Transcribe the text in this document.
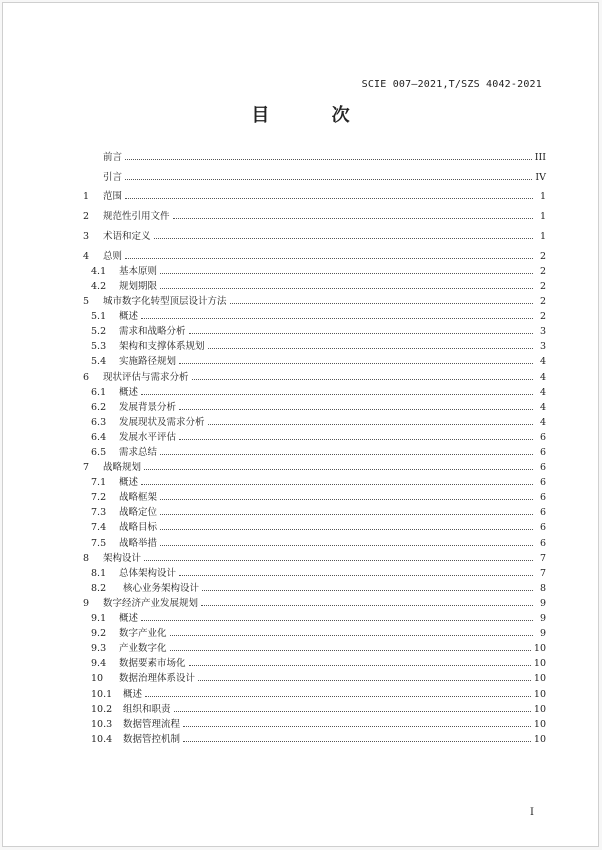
SCIE 007—2021,T/SZS 4042-2021
目 次
前言	III
引言	IV
1	范围	1
2	规范性引用文件	1
3	术语和定义	1
4	总则	2
4.1	基本原则	2
4.2	规划期限	2
5	城市数字化转型顶层设计方法	2
5.1	概述	2
5.2	需求和战略分析	3
5.3	架构和支撑体系规划	3
5.4	实施路径规划	4
6	现状评估与需求分析	4
6.1	概述	4
6.2	发展背景分析	4
6.3	发展现状及需求分析	4
6.4	发展水平评估	6
6.5	需求总结	6
7	战略规划	6
7.1	概述	6
7.2	战略框架	6
7.3	战略定位	6
7.4	战略目标	6
7.5	战略举措	6
8	架构设计	7
8.1	总体架构设计	7
8.2	核心业务架构设计	8
9	数字经济产业发展规划	9
9.1	概述	9
9.2	数字产业化	9
9.3	产业数字化	10
9.4	数据要素市场化	10
10	数据治理体系设计	10
10.1	概述	10
10.2	组织和职责	10
10.3	数据管理流程	10
10.4	数据管控机制	10
I
